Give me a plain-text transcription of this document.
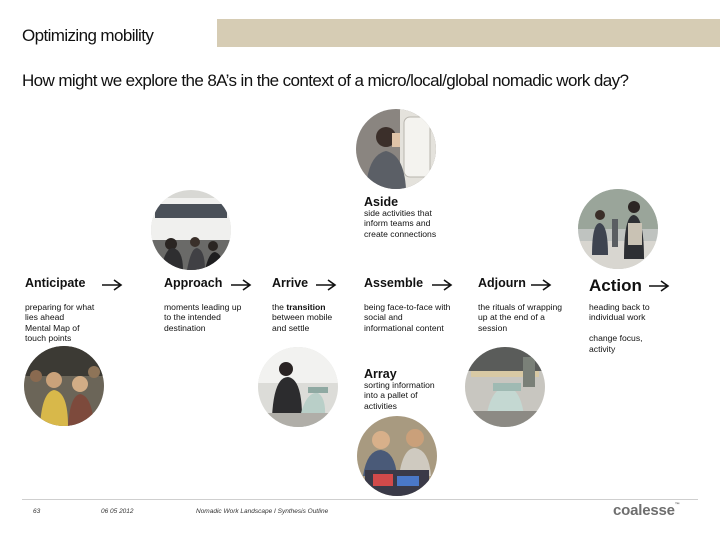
Optimizing mobility
How might we explore the 8A’s in the context of a micro/local/global nomadic work day?
Aside
side activities that
inform teams and
create connections
Anticipate	Approach	Arrive	Assemble	Adjourn	Action
preparing for what
lies ahead
Mental Map of
touch points
moments leading up
to the intended
destination
the transition
between mobile
and settle
being face-to-face with
social and
informational content
the rituals of wrapping
up at the end of a
session
heading back to
individual work
change focus,
activity
Array
sorting information
into a pallet of
activities
63	06 05 2012	Nomadic Work Landscape I Synthesis Outline	coalesse™
